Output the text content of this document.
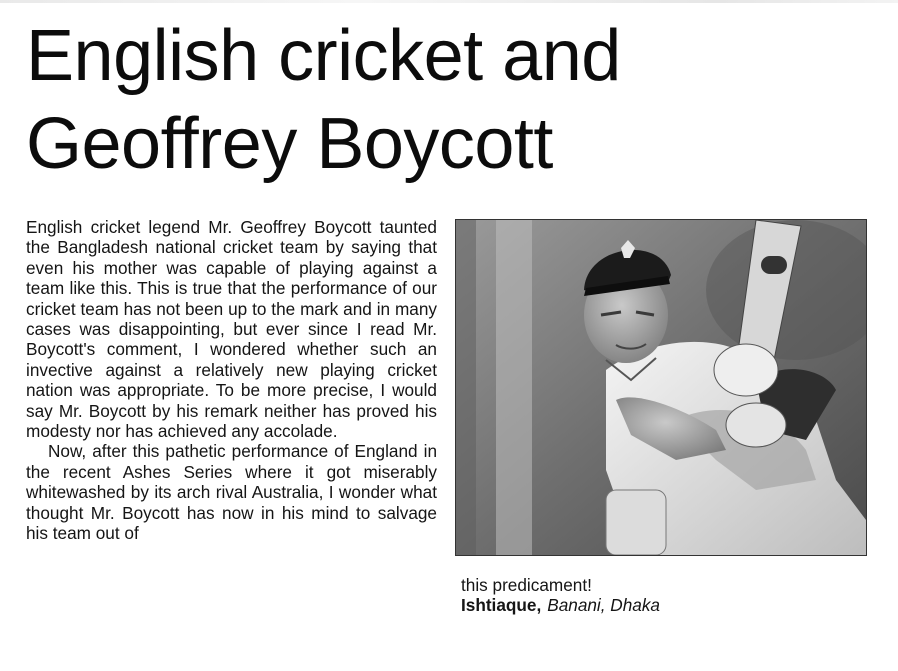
English cricket and
Geoffrey Boycott

English cricket legend Mr. Geoffrey Boycott taunted the Bangladesh national cricket team by saying that even his mother was capable of playing against a team like this. This is true that the performance of our cricket team has not been up to the mark and in many cases was disappointing, but ever since I read Mr. Boycott's comment, I wondered whether such an invective against a relatively new playing cricket nation was appropriate. To be more precise, I would say Mr. Boycott by his remark neither has proved his modesty nor has achieved any accolade.

Now, after this pathetic performance of England in the recent Ashes Series where it got miserably whitewashed by its arch rival Australia, I wonder what thought Mr. Boycott has now in his mind to salvage his team out of

this predicament!

Ishtiaque, Banani, Dhaka
